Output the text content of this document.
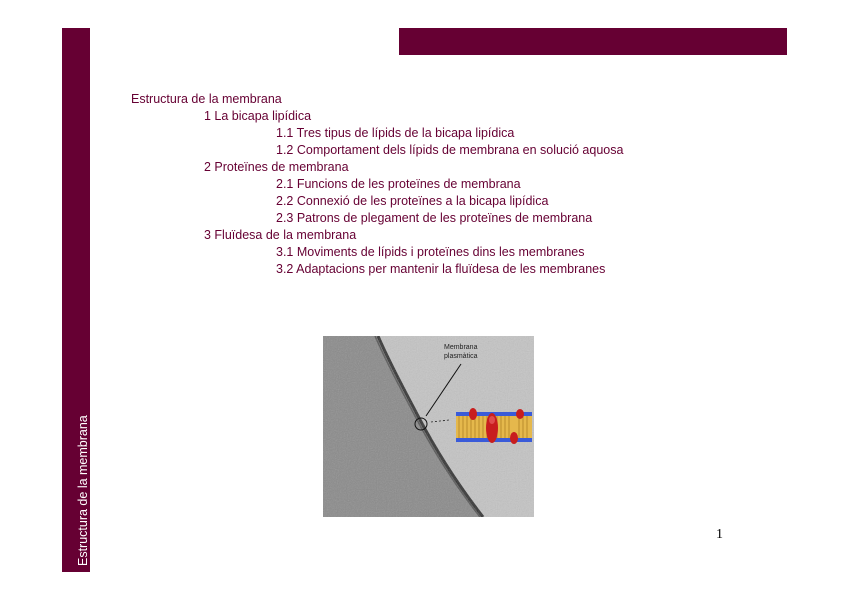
Estructura de la membrana
Estructura de la membrana
1 La bicapa lipídica
1.1 Tres tipus de lípids de la bicapa lipídica
1.2 Comportament dels lípids de membrana en solució aquosa
2 Proteïnes de membrana
2.1 Funcions de les proteïnes de membrana
2.2 Connexió de les proteïnes a la bicapa lipídica
2.3 Patrons de plegament de les proteïnes de membrana
3 Fluïdesa de la membrana
3.1 Moviments de lípids i proteïnes dins les membranes
3.2 Adaptacions per mantenir la fluïdesa de les membranes
Membrana
plasmàtica
1
